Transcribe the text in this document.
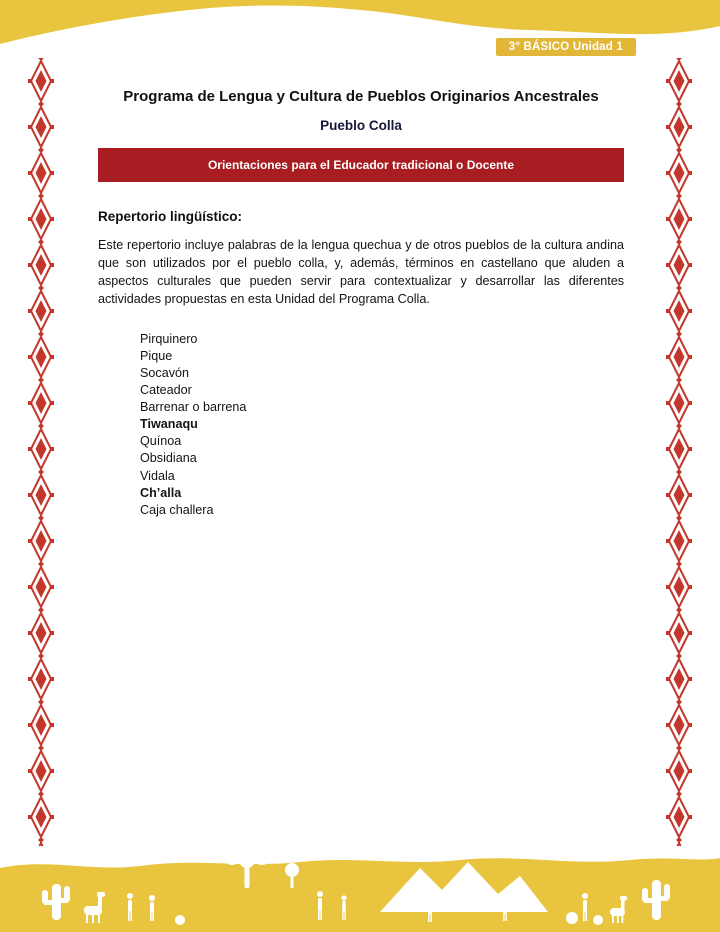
3° BÁSICO Unidad 1
Programa de Lengua y Cultura de Pueblos Originarios Ancestrales
Pueblo Colla
Orientaciones para el Educador tradicional o Docente
Repertorio lingüístico:

Este repertorio incluye palabras de la lengua quechua y de otros pueblos de la cultura andina que son utilizados por el pueblo colla, y, además, términos en castellano que aluden a aspectos culturales que pueden servir para contextualizar y desarrollar las diferentes actividades propuestas en esta Unidad del Programa Colla.

Pirquinero
Pique
Socavón
Cateador
Barrenar o barrena
Tiwanaqu
Quínoa
Obsidiana
Vidala
Ch’alla
Caja challera
